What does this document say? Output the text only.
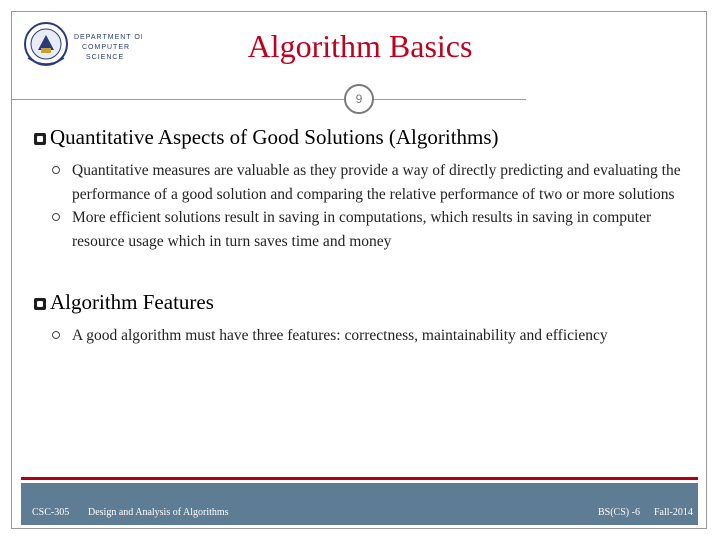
DEPARTMENT OF
COMPUTER
SCIENCE	Algorithm Basics
9
Quantitative Aspects of Good Solutions (Algorithms)
Quantitative measures are valuable as they provide a way of directly predicting and evaluating the performance of a good solution and comparing the relative performance of two or more solutions
More efficient solutions result in saving in computations, which results in saving in computer resource usage which in turn saves time and money
Algorithm Features
A good algorithm must have three features: correctness, maintainability and efficiency
CSC-305 Design and Analysis of Algorithms	BS(CS) -6 Fall-2014
